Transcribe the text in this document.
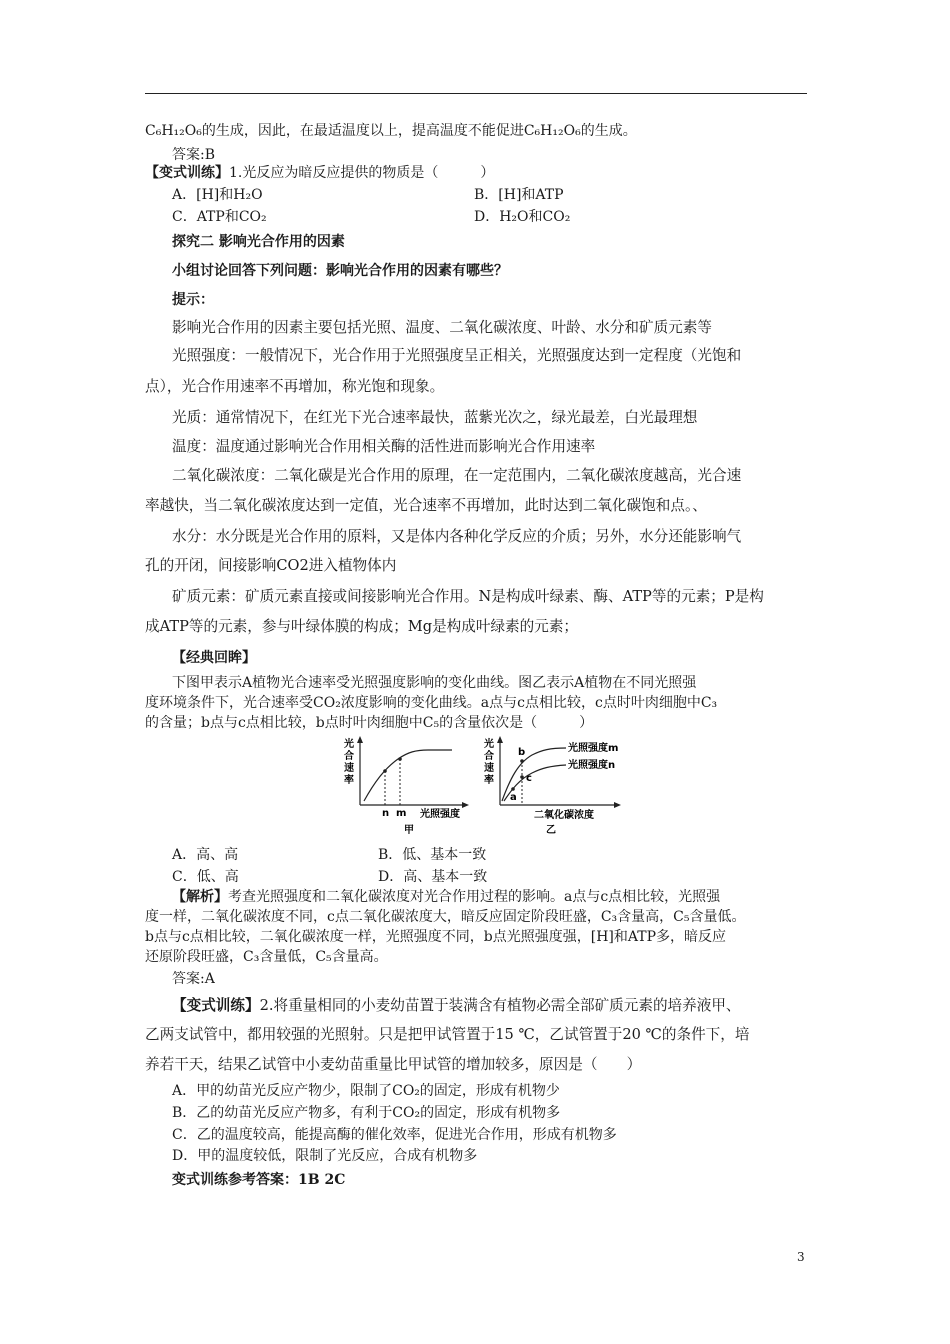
C₆H₁₂O₆的生成，因此，在最适温度以上，提高温度不能促进C₆H₁₂O₆的生成。
答案:B
【变式训练】1.光反应为暗反应提供的物质是（　　　）
A．[H]和H₂O	B．[H]和ATP
C．ATP和CO₂	D．H₂O和CO₂
探究二 影响光合作用的因素
小组讨论回答下列问题：影响光合作用的因素有哪些？
提示：
影响光合作用的因素主要包括光照、温度、二氧化碳浓度、叶龄、水分和矿质元素等
光照强度：一般情况下，光合作用于光照强度呈正相关，光照强度达到一定程度（光饱和
点），光合作用速率不再增加，称光饱和现象。
光质：通常情况下，在红光下光合速率最快，蓝紫光次之，绿光最差，白光最理想
温度：温度通过影响光合作用相关酶的活性进而影响光合作用速率
二氧化碳浓度：二氧化碳是光合作用的原理，在一定范围内，二氧化碳浓度越高，光合速
率越快，当二氧化碳浓度达到一定值，光合速率不再增加，此时达到二氧化碳饱和点。、
水分：水分既是光合作用的原料，又是体内各种化学反应的介质；另外，水分还能影响气
孔的开闭，间接影响CO2进入植物体内
矿质元素：矿质元素直接或间接影响光合作用。N是构成叶绿素、酶、ATP等的元素；P是构
成ATP等的元素，参与叶绿体膜的构成；Mg是构成叶绿素的元素；
【经典回眸】
下图甲表示A植物光合速率受光照强度影响的变化曲线。图乙表示A植物在不同光照强
度环境条件下，光合速率受CO₂浓度影响的变化曲线。a点与c点相比较，c点时叶肉细胞中C₃
的含量；b点与c点相比较，b点时叶肉细胞中C₅的含量依次是（　　　）
光
合
速
率
n m 光照强度
甲
光
合
速
率
b
c
a
光照强度m
光照强度n
二氧化碳浓度
乙
A．高、高	B．低、基本一致
C．低、高	D．高、基本一致
【解析】考查光照强度和二氧化碳浓度对光合作用过程的影响。a点与c点相比较，光照强
度一样，二氧化碳浓度不同，c点二氧化碳浓度大，暗反应固定阶段旺盛，C₃含量高，C₅含量低。
b点与c点相比较，二氧化碳浓度一样，光照强度不同，b点光照强度强，[H]和ATP多，暗反应
还原阶段旺盛，C₃含量低，C₅含量高。
答案:A
【变式训练】2.将重量相同的小麦幼苗置于装满含有植物必需全部矿质元素的培养液甲、
乙两支试管中，都用较强的光照射。只是把甲试管置于15 ℃，乙试管置于20 ℃的条件下，培
养若干天，结果乙试管中小麦幼苗重量比甲试管的增加较多，原因是（　　）
A．甲的幼苗光反应产物少，限制了CO₂的固定，形成有机物少
B．乙的幼苗光反应产物多，有利于CO₂的固定，形成有机物多
C．乙的温度较高，能提高酶的催化效率，促进光合作用，形成有机物多
D．甲的温度较低，限制了光反应，合成有机物多
变式训练参考答案：1B 2C
3
